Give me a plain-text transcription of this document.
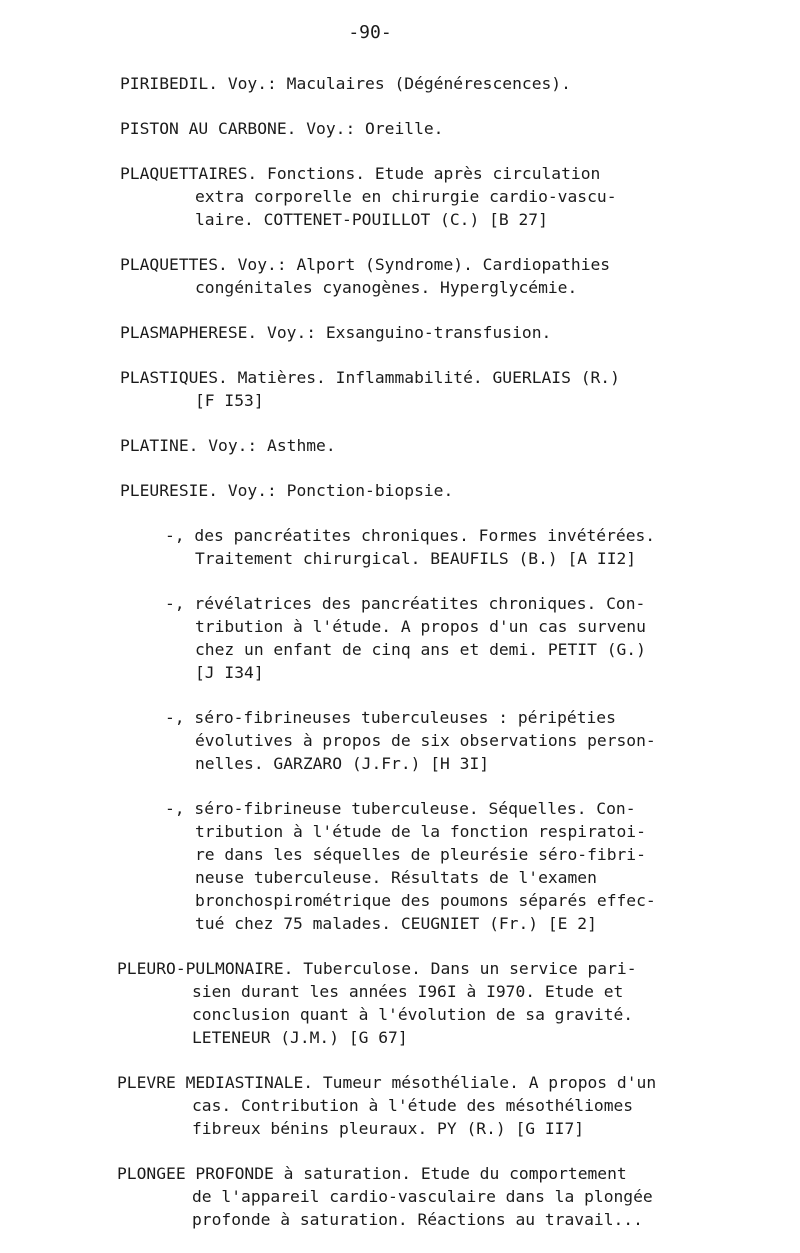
-90-
PIRIBEDIL. Voy.: Maculaires (Dégénérescences).
PISTON AU CARBONE. Voy.: Oreille.
PLAQUETTAIRES. Fonctions. Etude après circulation
extra corporelle en chirurgie cardio-vascu-
laire. COTTENET-POUILLOT (C.) [B 27]
PLAQUETTES. Voy.: Alport (Syndrome). Cardiopathies
congénitales cyanogènes. Hyperglycémie.
PLASMAPHERESE. Voy.: Exsanguino-transfusion.
PLASTIQUES. Matières. Inflammabilité. GUERLAIS (R.)
[F I53]
PLATINE. Voy.: Asthme.
PLEURESIE. Voy.: Ponction-biopsie.
-, des pancréatites chroniques. Formes invétérées.
Traitement chirurgical. BEAUFILS (B.) [A II2]
-, révélatrices des pancréatites chroniques. Con-
tribution à l'étude. A propos d'un cas survenu
chez un enfant de cinq ans et demi. PETIT (G.)
[J I34]
-, séro-fibrineuses tuberculeuses : péripéties
évolutives à propos de six observations person-
nelles. GARZARO (J.Fr.) [H 3I]
-, séro-fibrineuse tuberculeuse. Séquelles. Con-
tribution à l'étude de la fonction respiratoi-
re dans les séquelles de pleurésie séro-fibri-
neuse tuberculeuse. Résultats de l'examen
bronchospirométrique des poumons séparés effec-
tué chez 75 malades. CEUGNIET (Fr.) [E 2]
PLEURO-PULMONAIRE. Tuberculose. Dans un service pari-
sien durant les années I96I à I970. Etude et
conclusion quant à l'évolution de sa gravité.
LETENEUR (J.M.) [G 67]
PLEVRE MEDIASTINALE. Tumeur mésothéliale. A propos d'un
cas. Contribution à l'étude des mésothéliomes
fibreux bénins pleuraux. PY (R.) [G II7]
PLONGEE PROFONDE à saturation. Etude du comportement
de l'appareil cardio-vasculaire dans la plongée
profonde à saturation. Réactions au travail...
